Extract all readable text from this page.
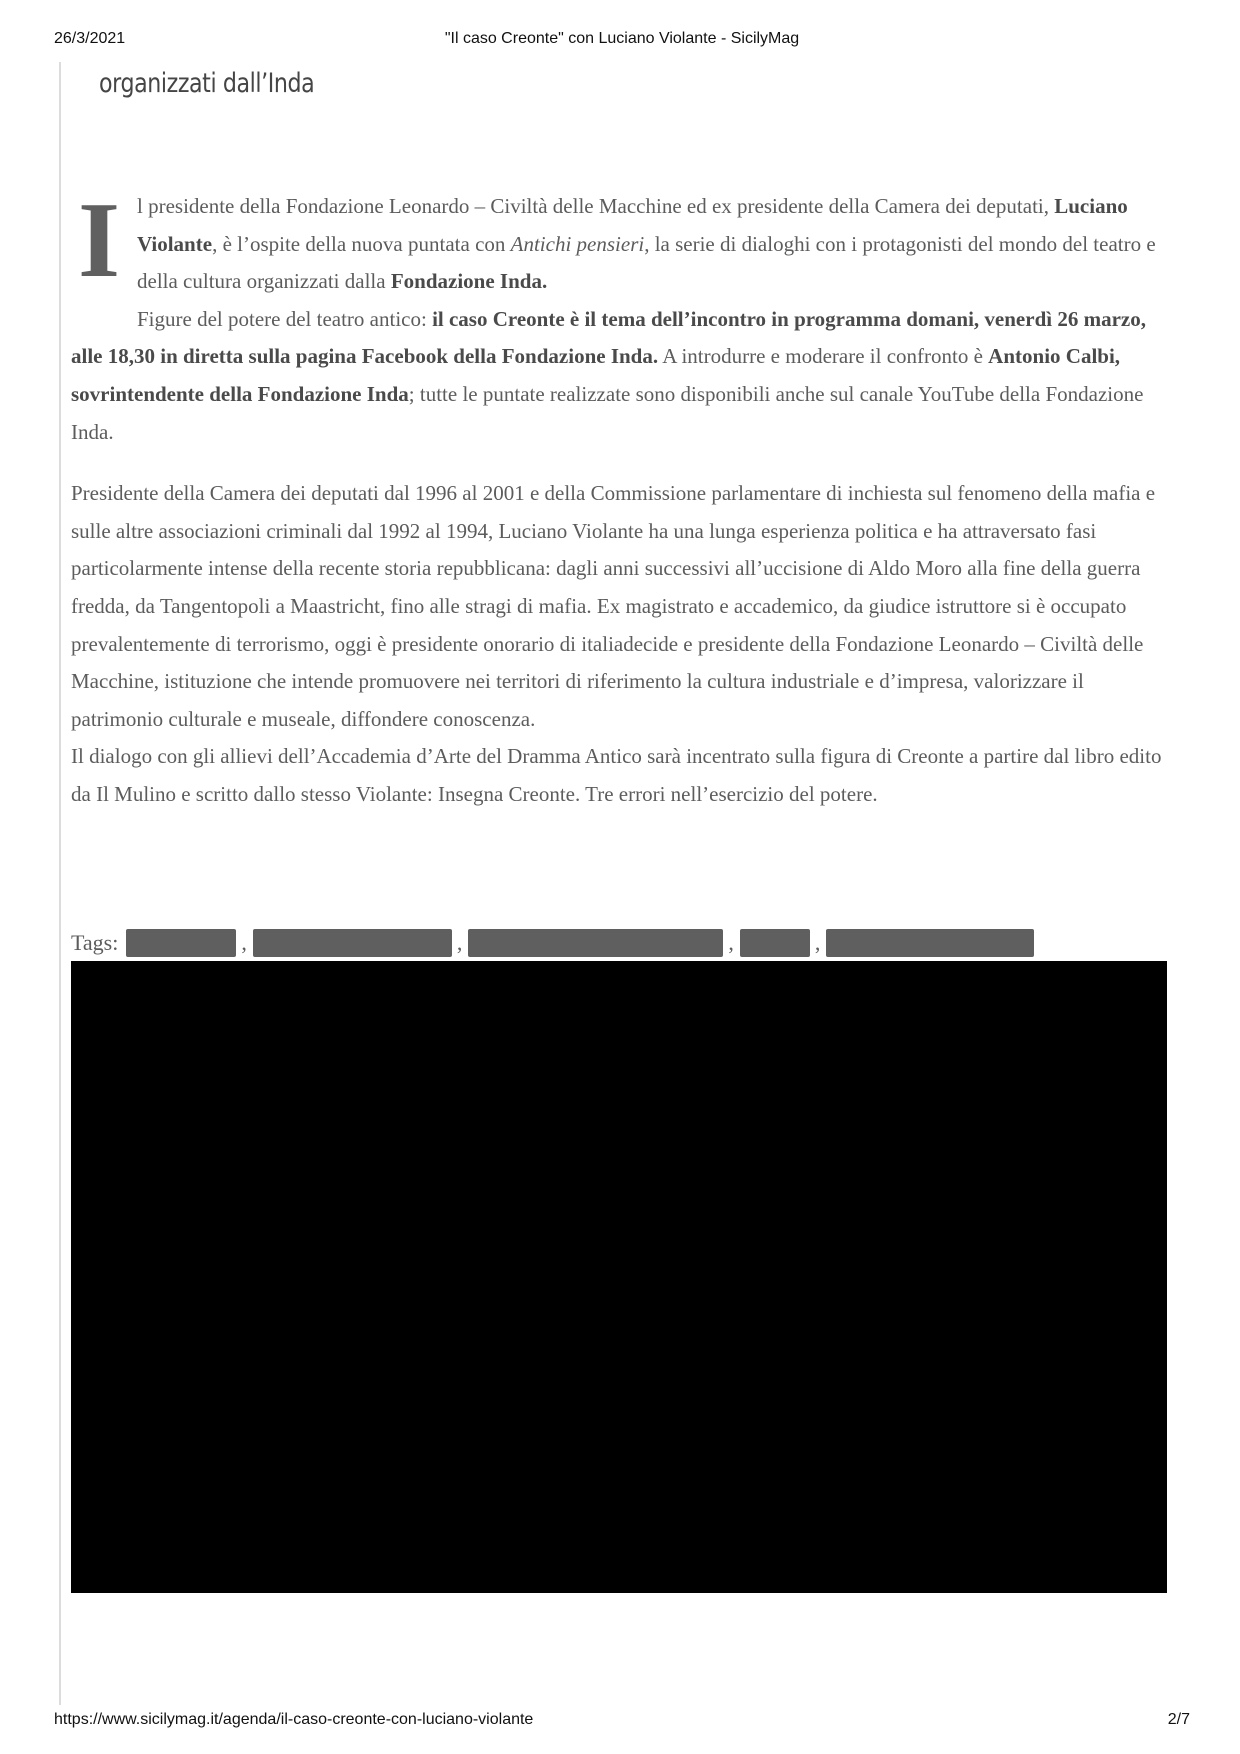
26/3/2021	"Il caso Creonte" con Luciano Violante - SicilyMag
organizzati dall’Inda

Il presidente della Fondazione Leonardo – Civiltà delle Macchine ed ex presidente della Camera dei deputati, Luciano Violante, è l’ospite della nuova puntata con Antichi pensieri, la serie di dialoghi con i protagonisti del mondo del teatro e della cultura organizzati dalla Fondazione Inda.
Figure del potere del teatro antico: il caso Creonte è il tema dell’incontro in programma domani, venerdì 26 marzo, alle 18,30 in diretta sulla pagina Facebook della Fondazione Inda. A introdurre e moderare il confronto è Antonio Calbi, sovrintendente della Fondazione Inda; tutte le puntate realizzate sono disponibili anche sul canale YouTube della Fondazione Inda.

Presidente della Camera dei deputati dal 1996 al 2001 e della Commissione parlamentare di inchiesta sul fenomeno della mafia e sulle altre associazioni criminali dal 1992 al 1994, Luciano Violante ha una lunga esperienza politica e ha attraversato fasi particolarmente intense della recente storia repubblicana: dagli anni successivi all’uccisione di Aldo Moro alla fine della guerra fredda, da Tangentopoli a Maastricht, fino alle stragi di mafia. Ex magistrato e accademico, da giudice istruttore si è occupato prevalentemente di terrorismo, oggi è presidente onorario di italiadecide e presidente della Fondazione Leonardo – Civiltà delle Macchine, istituzione che intende promuovere nei territori di riferimento la cultura industriale e d’impresa, valorizzare il patrimonio culturale e museale, diffondere conoscenza.

Il dialogo con gli allievi dell’Accademia d’Arte del Dramma Antico sarà incentrato sulla figura di Creonte a partire dal libro edito da Il Mulino e scritto dallo stesso Violante: Insegna Creonte. Tre errori nell’esercizio del potere.

Tags:	,	,	,	,
https://www.sicilymag.it/agenda/il-caso-creonte-con-luciano-violante	2/7
